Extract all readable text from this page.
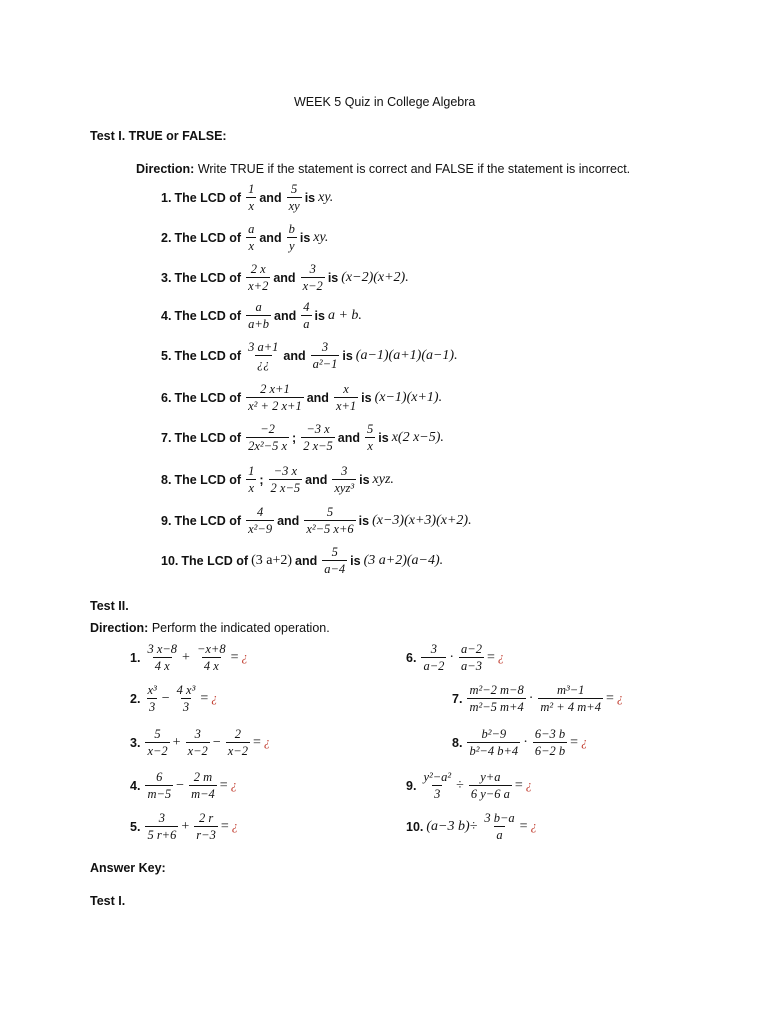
WEEK 5 Quiz in College Algebra
Test I. TRUE or FALSE:
Direction: Write TRUE if the statement is correct and FALSE if the statement is incorrect.
1. The LCD of $\frac{1}{x}$ and $\frac{5}{xy}$ is xy.
2. The LCD of $\frac{a}{x}$ and $\frac{b}{y}$ is xy.
3. The LCD of $\frac{2 x}{x+2}$ and $\frac{3}{x-2}$ is (x−2)(x+2).
4. The LCD of $\frac{a}{a+b}$ and $\frac{4}{a}$ is a + b.
5. The LCD of
3 a+1
¿¿
and $\frac{3}{\text{a²−1}}$ is (a−1)(a+1)(a−1).
6. The LCD of $\frac{2 x+1}{\text{x² + 2 x+1}}$ and $\frac{x}{x+1}$ is (x−1)(x+1).
7. The LCD of $\frac{-2}{\text{2x²−5 x}}$ ; $\frac{-3 x}{2 x-5}$ and $\frac{5}{x}$ is x(2 x−5).
8. The LCD of $\frac{1}{x}$ ; $\frac{-3 x}{2 x-5}$ and
3
xyz³
is xyz.
9. The LCD of $\frac{4}{\text{x²−9}}$ and $\frac{5}{\text{x²−5 x+6}}$ is (x−3)(x+3)(x+2).
10. The LCD of (3 a+2) and $\frac{5}{a-4}$ is (3 a+2)(a−4).
Test II.
Direction: Perform the indicated operation.
1. $\frac{3 x-8}{4 x} + \frac{-x+8}{4 x}$ = ¿
2. $\frac{\text{x³}}{3} - \frac{\text{4 x³}}{3}$ = ¿
3. $\frac{5}{x-2} + \frac{3}{x-2} - \frac{2}{x-2}$ = ¿
4. $\frac{6}{m-5} - \frac{2 m}{m-4}$ = ¿
5. $\frac{3}{5 r+6} + \frac{2 r}{r-3}$ = ¿
6. $\frac{3}{a-2} \cdot \frac{a-2}{a-3}$ = ¿
7. $\frac{\text{m²−2 m−8}}{\text{m²−5 m+4}} \cdot \frac{\text{m³−1}}{\text{m² + 4 m+4}}$ = ¿
8. $\frac{\text{b²−9}}{\text{b²−4 b+4}} \cdot \frac{6-3 b}{6-2 b}$ = ¿
9. $\frac{\text{y²−a²}}{3} \div \frac{y+a}{6 y-6 a}$ = ¿
10. (a−3 $b)\div \frac{3 b-a}{a}$ = ¿
Answer Key:
Test I.
